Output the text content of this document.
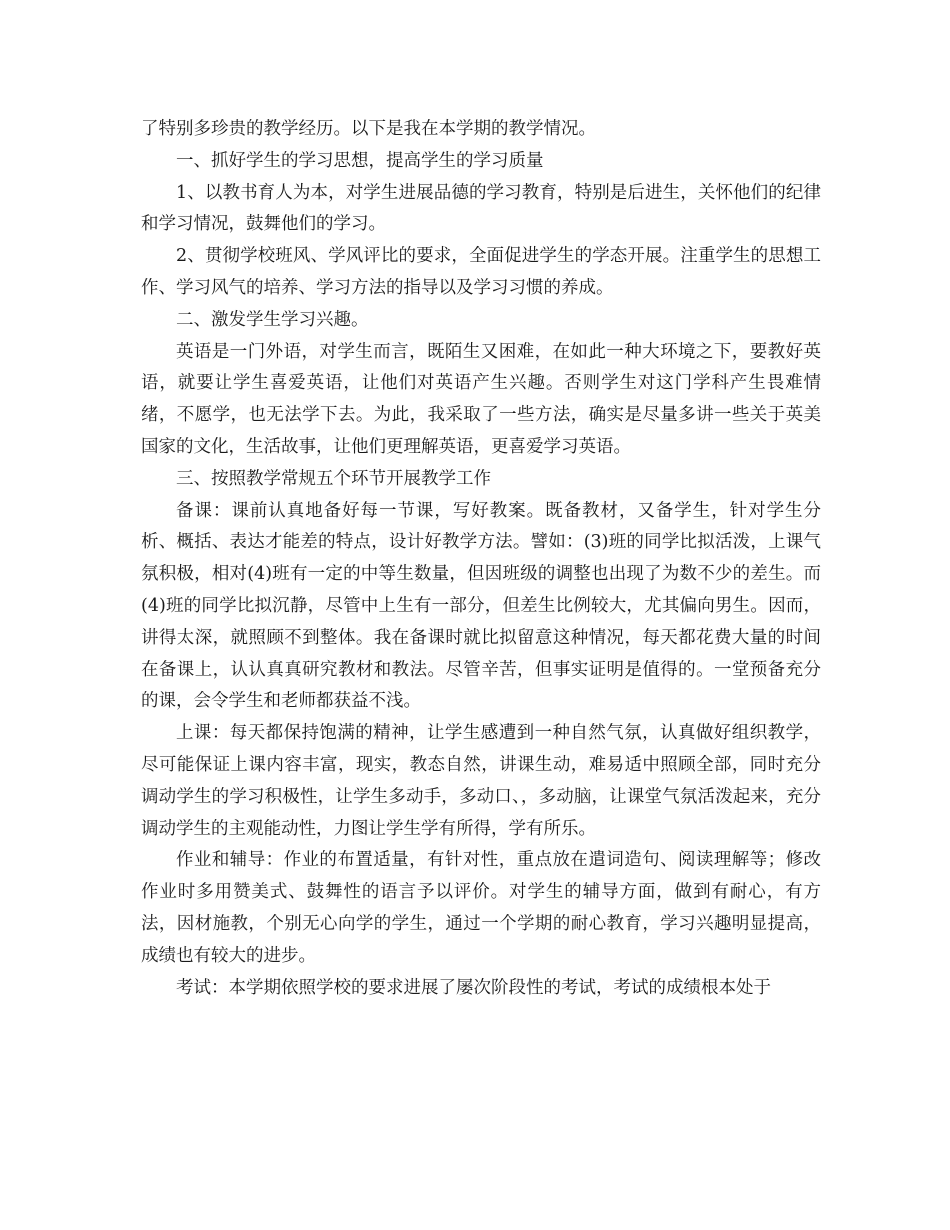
了特别多珍贵的教学经历。以下是我在本学期的教学情况。

一、抓好学生的学习思想，提高学生的学习质量

1、以教书育人为本，对学生进展品德的学习教育，特别是后进生，关怀他们的纪律和学习情况，鼓舞他们的学习。

2、贯彻学校班风、学风评比的要求，全面促进学生的学态开展。注重学生的思想工作、学习风气的培养、学习方法的指导以及学习习惯的养成。

二、激发学生学习兴趣。

英语是一门外语，对学生而言，既陌生又困难，在如此一种大环境之下，要教好英语，就要让学生喜爱英语，让他们对英语产生兴趣。否则学生对这门学科产生畏难情绪，不愿学，也无法学下去。为此，我采取了一些方法，确实是尽量多讲一些关于英美国家的文化，生活故事，让他们更理解英语，更喜爱学习英语。

三、按照教学常规五个环节开展教学工作

备课：课前认真地备好每一节课，写好教案。既备教材，又备学生，针对学生分析、概括、表达才能差的特点，设计好教学方法。譬如：(3)班的同学比拟活泼，上课气氛积极，相对(4)班有一定的中等生数量，但因班级的调整也出现了为数不少的差生。而(4)班的同学比拟沉静，尽管中上生有一部分，但差生比例较大，尤其偏向男生。因而，讲得太深，就照顾不到整体。我在备课时就比拟留意这种情况，每天都花费大量的时间在备课上，认认真真研究教材和教法。尽管辛苦，但事实证明是值得的。一堂预备充分的课，会令学生和老师都获益不浅。

上课：每天都保持饱满的精神，让学生感遭到一种自然气氛，认真做好组织教学，尽可能保证上课内容丰富，现实，教态自然，讲课生动，难易适中照顾全部，同时充分调动学生的学习积极性，让学生多动手，多动口、，多动脑，让课堂气氛活泼起来，充分调动学生的主观能动性，力图让学生学有所得，学有所乐。

作业和辅导：作业的布置适量，有针对性，重点放在遣词造句、阅读理解等；修改作业时多用赞美式、鼓舞性的语言予以评价。对学生的辅导方面，做到有耐心，有方法，因材施教，个别无心向学的学生，通过一个学期的耐心教育，学习兴趣明显提高，成绩也有较大的进步。

考试：本学期依照学校的要求进展了屡次阶段性的考试，考试的成绩根本处于
